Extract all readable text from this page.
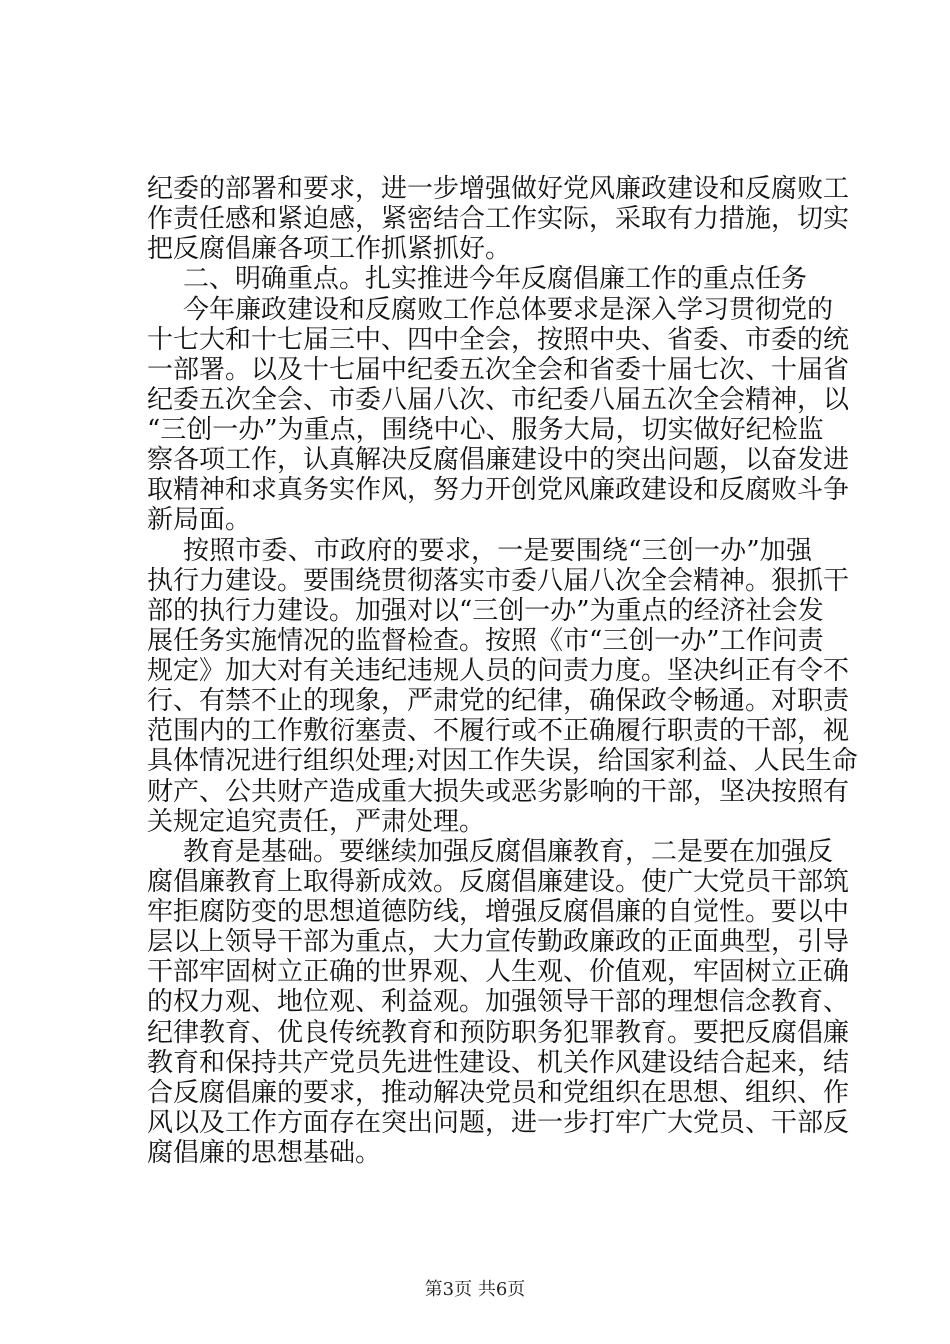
纪委的部署和要求，进一步增强做好党风廉政建设和反腐败工
作责任感和紧迫感，紧密结合工作实际，采取有力措施，切实
把反腐倡廉各项工作抓紧抓好。
二、明确重点。扎实推进今年反腐倡廉工作的重点任务
今年廉政建设和反腐败工作总体要求是深入学习贯彻党的
十七大和十七届三中、四中全会，按照中央、省委、市委的统
一部署。以及十七届中纪委五次全会和省委十届七次、十届省
纪委五次全会、市委八届八次、市纪委八届五次全会精神，以
“三创一办”为重点，围绕中心、服务大局，切实做好纪检监
察各项工作，认真解决反腐倡廉建设中的突出问题，以奋发进
取精神和求真务实作风，努力开创党风廉政建设和反腐败斗争
新局面。
按照市委、市政府的要求，一是要围绕“三创一办”加强
执行力建设。要围绕贯彻落实市委八届八次全会精神。狠抓干
部的执行力建设。加强对以“三创一办”为重点的经济社会发
展任务实施情况的监督检查。按照《市“三创一办”工作问责
规定》加大对有关违纪违规人员的问责力度。坚决纠正有令不
行、有禁不止的现象，严肃党的纪律，确保政令畅通。对职责
范围内的工作敷衍塞责、不履行或不正确履行职责的干部，视
具体情况进行组织处理;对因工作失误，给国家利益、人民生命
财产、公共财产造成重大损失或恶劣影响的干部，坚决按照有
关规定追究责任，严肃处理。
教育是基础。要继续加强反腐倡廉教育，二是要在加强反
腐倡廉教育上取得新成效。反腐倡廉建设。使广大党员干部筑
牢拒腐防变的思想道德防线，增强反腐倡廉的自觉性。要以中
层以上领导干部为重点，大力宣传勤政廉政的正面典型，引导
干部牢固树立正确的世界观、人生观、价值观，牢固树立正确
的权力观、地位观、利益观。加强领导干部的理想信念教育、
纪律教育、优良传统教育和预防职务犯罪教育。要把反腐倡廉
教育和保持共产党员先进性建设、机关作风建设结合起来，结
合反腐倡廉的要求，推动解决党员和党组织在思想、组织、作
风以及工作方面存在突出问题，进一步打牢广大党员、干部反
腐倡廉的思想基础。
第3页 共6页
